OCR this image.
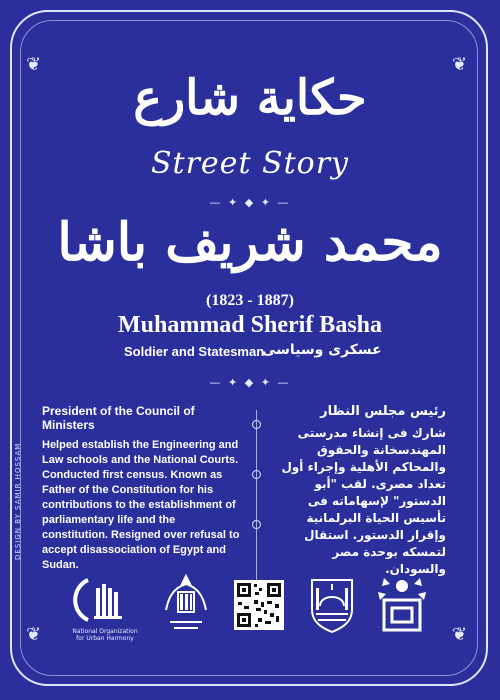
❦	❦
❦	❦
حكاية شارع
Street Story
— ✦ ◆ ✦ —
محمد شريف باشا
(1823 - 1887)
Muhammad Sherif Basha
Soldier and Statesman
عسكرى وسياسى
— ✦ ◆ ✦ —
President of the Council of Ministers

Helped establish the Engineering and Law schools and the National Courts. Conducted first census. Known as Father of the Constitution for his contributions to the establishment of parliamentary life and the constitution. Resigned over refusal to accept disassociation of Egypt and Sudan.

رئيس مجلس النظار

شارك فى إنشاء مدرستى المهندسخانة والحقوق والمحاكم الأهلية وإجراء أول تعداد مصرى. لقب "أبو الدستور" لإسهاماته فى تأسيس الحياة البرلمانية وإقرار الدستور. استقال لتمسكه بوحدة مصر والسودان.

DESIGN BY SAMIR HOSSAM
National Organization for Urban Harmony
